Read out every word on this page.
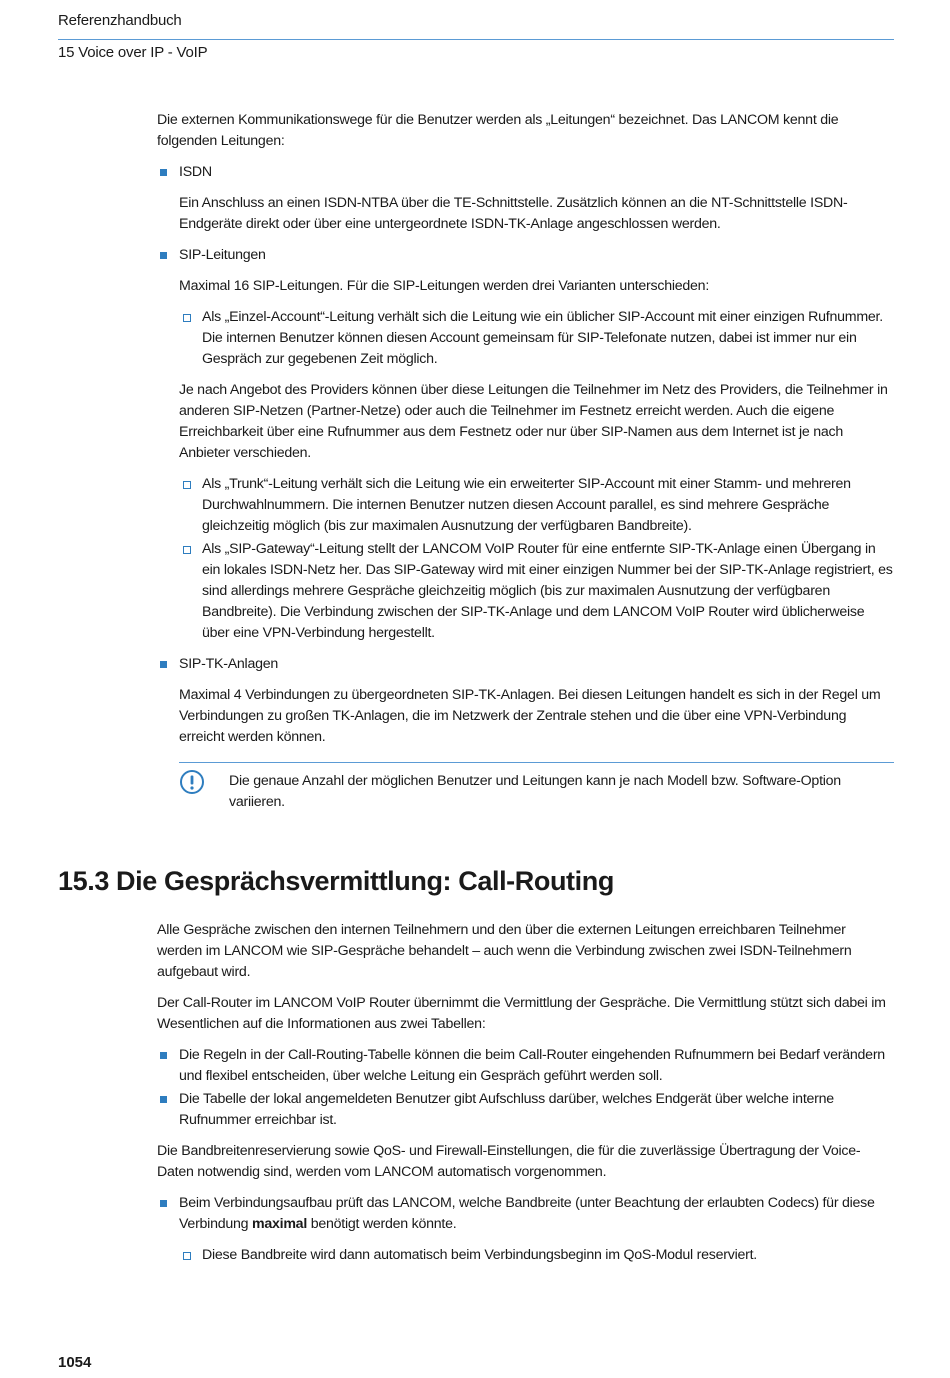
Referenzhandbuch
15 Voice over IP - VoIP

Die externen Kommunikationswege für die Benutzer werden als „Leitungen“ bezeichnet. Das LANCOM kennt die folgenden Leitungen:

ISDN

Ein Anschluss an einen ISDN-NTBA über die TE-Schnittstelle. Zusätzlich können an die NT-Schnittstelle ISDN-Endgeräte direkt oder über eine untergeordnete ISDN-TK-Anlage angeschlossen werden.

SIP-Leitungen

Maximal 16 SIP-Leitungen. Für die SIP-Leitungen werden drei Varianten unterschieden:

Als „Einzel-Account“-Leitung verhält sich die Leitung wie ein üblicher SIP-Account mit einer einzigen Rufnummer. Die internen Benutzer können diesen Account gemeinsam für SIP-Telefonate nutzen, dabei ist immer nur ein Gespräch zur gegebenen Zeit möglich.

Je nach Angebot des Providers können über diese Leitungen die Teilnehmer im Netz des Providers, die Teilnehmer in anderen SIP-Netzen (Partner-Netze) oder auch die Teilnehmer im Festnetz erreicht werden. Auch die eigene Erreichbarkeit über eine Rufnummer aus dem Festnetz oder nur über SIP-Namen aus dem Internet ist je nach Anbieter verschieden.

Als „Trunk“-Leitung verhält sich die Leitung wie ein erweiterter SIP-Account mit einer Stamm- und mehreren Durchwahlnummern. Die internen Benutzer nutzen diesen Account parallel, es sind mehrere Gespräche gleichzeitig möglich (bis zur maximalen Ausnutzung der verfügbaren Bandbreite).
Als „SIP-Gateway“-Leitung stellt der LANCOM VoIP Router für eine entfernte SIP-TK-Anlage einen Übergang in ein lokales ISDN-Netz her. Das SIP-Gateway wird mit einer einzigen Nummer bei der SIP-TK-Anlage registriert, es sind allerdings mehrere Gespräche gleichzeitig möglich (bis zur maximalen Ausnutzung der verfügbaren Bandbreite). Die Verbindung zwischen der SIP-TK-Anlage und dem LANCOM VoIP Router wird üblicherweise über eine VPN-Verbindung hergestellt.

SIP-TK-Anlagen

Maximal 4 Verbindungen zu übergeordneten SIP-TK-Anlagen. Bei diesen Leitungen handelt es sich in der Regel um Verbindungen zu großen TK-Anlagen, die im Netzwerk der Zentrale stehen und die über eine VPN-Verbindung erreicht werden können.

Die genaue Anzahl der möglichen Benutzer und Leitungen kann je nach Modell bzw. Software-Option variieren.
15.3 Die Gesprächsvermittlung: Call-Routing

Alle Gespräche zwischen den internen Teilnehmern und den über die externen Leitungen erreichbaren Teilnehmer werden im LANCOM wie SIP-Gespräche behandelt – auch wenn die Verbindung zwischen zwei ISDN-Teilnehmern aufgebaut wird.

Der Call-Router im LANCOM VoIP Router übernimmt die Vermittlung der Gespräche. Die Vermittlung stützt sich dabei im Wesentlichen auf die Informationen aus zwei Tabellen:

Die Regeln in der Call-Routing-Tabelle können die beim Call-Router eingehenden Rufnummern bei Bedarf verändern und flexibel entscheiden, über welche Leitung ein Gespräch geführt werden soll.
Die Tabelle der lokal angemeldeten Benutzer gibt Aufschluss darüber, welches Endgerät über welche interne Rufnummer erreichbar ist.

Die Bandbreitenreservierung sowie QoS- und Firewall-Einstellungen, die für die zuverlässige Übertragung der Voice-Daten notwendig sind, werden vom LANCOM automatisch vorgenommen.

Beim Verbindungsaufbau prüft das LANCOM, welche Bandbreite (unter Beachtung der erlaubten Codecs) für diese Verbindung maximal benötigt werden könnte.

Diese Bandbreite wird dann automatisch beim Verbindungsbeginn im QoS-Modul reserviert.
1054
